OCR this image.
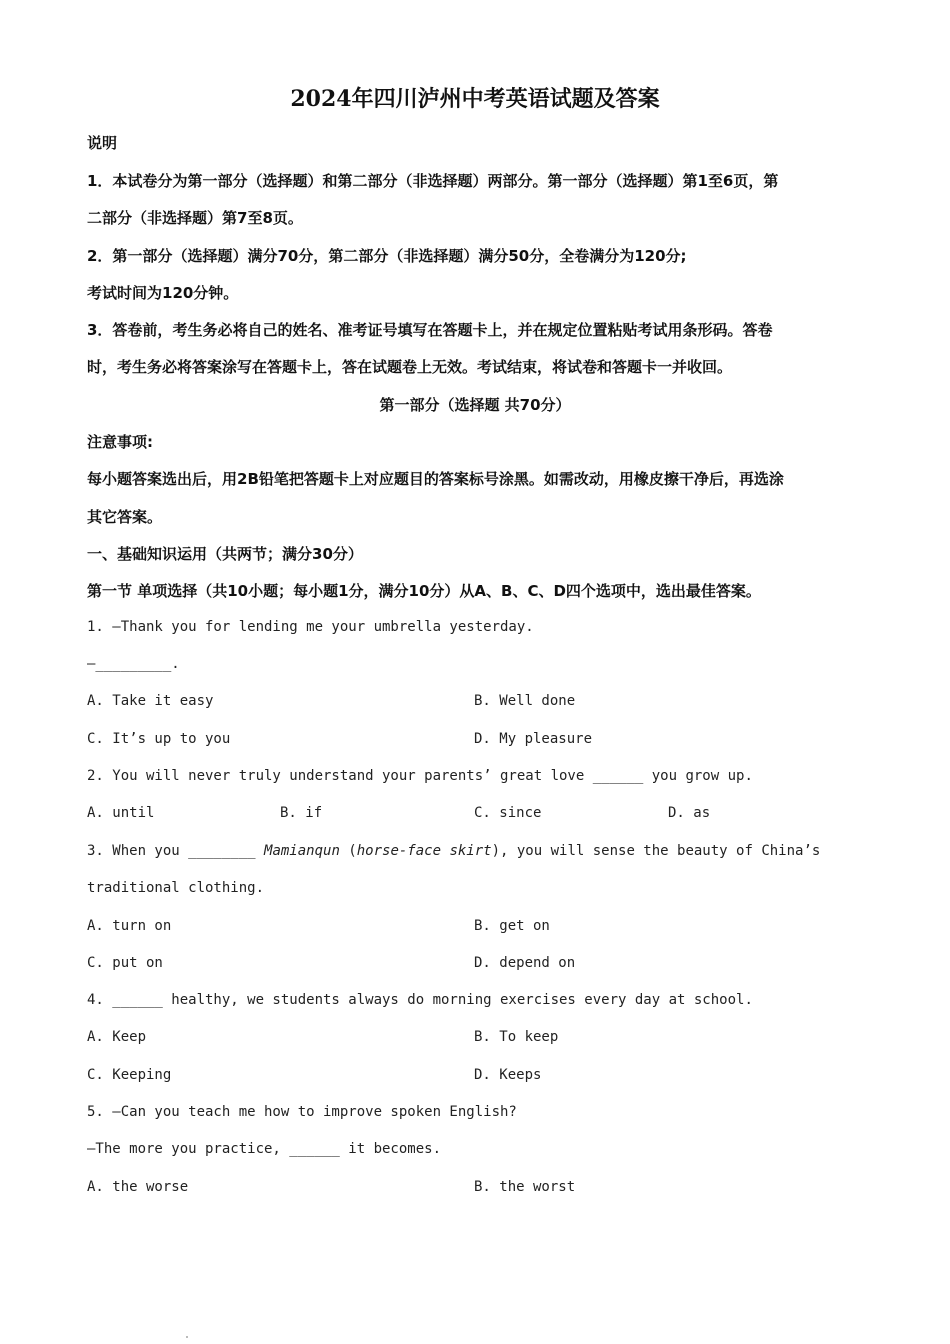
2024年四川泸州中考英语试题及答案
说明
1．本试卷分为第一部分（选择题）和第二部分（非选择题）两部分。第一部分（选择题）第1至6页，第
二部分（非选择题）第7至8页。
2．第一部分（选择题）满分70分，第二部分（非选择题）满分50分，全卷满分为120分;
考试时间为120分钟。
3．答卷前，考生务必将自己的姓名、准考证号填写在答题卡上，并在规定位置粘贴考试用条形码。答卷
时，考生务必将答案涂写在答题卡上，答在试题卷上无效。考试结束，将试卷和答题卡一并收回。
第一部分（选择题 共70分）
注意事项:
每小题答案选出后，用2B铅笔把答题卡上对应题目的答案标号涂黑。如需改动，用橡皮擦干净后，再选涂
其它答案。
一、基础知识运用（共两节；满分30分）
第一节 单项选择（共10小题；每小题1分，满分10分）从A、B、C、D四个选项中，选出最佳答案。
1. —Thank you for lending me your umbrella yesterday.
—_________.
A. Take it easy	B. Well done
C. It’s up to you	D. My pleasure
2. You will never truly understand your parents’ great love ______ you grow up.
A. until	B. if	C. since	D. as
3. When you ________ Mamianqun (horse-face skirt), you will sense the beauty of China’s
traditional clothing.
A. turn on	B. get on
C. put on	D. depend on
4. ______ healthy, we students always do morning exercises every day at school.
A. Keep	B. To keep
C. Keeping	D. Keeps
5. —Can you teach me how to improve spoken English?
—The more you practice, ______ it becomes.
A. the worse	B. the worst
